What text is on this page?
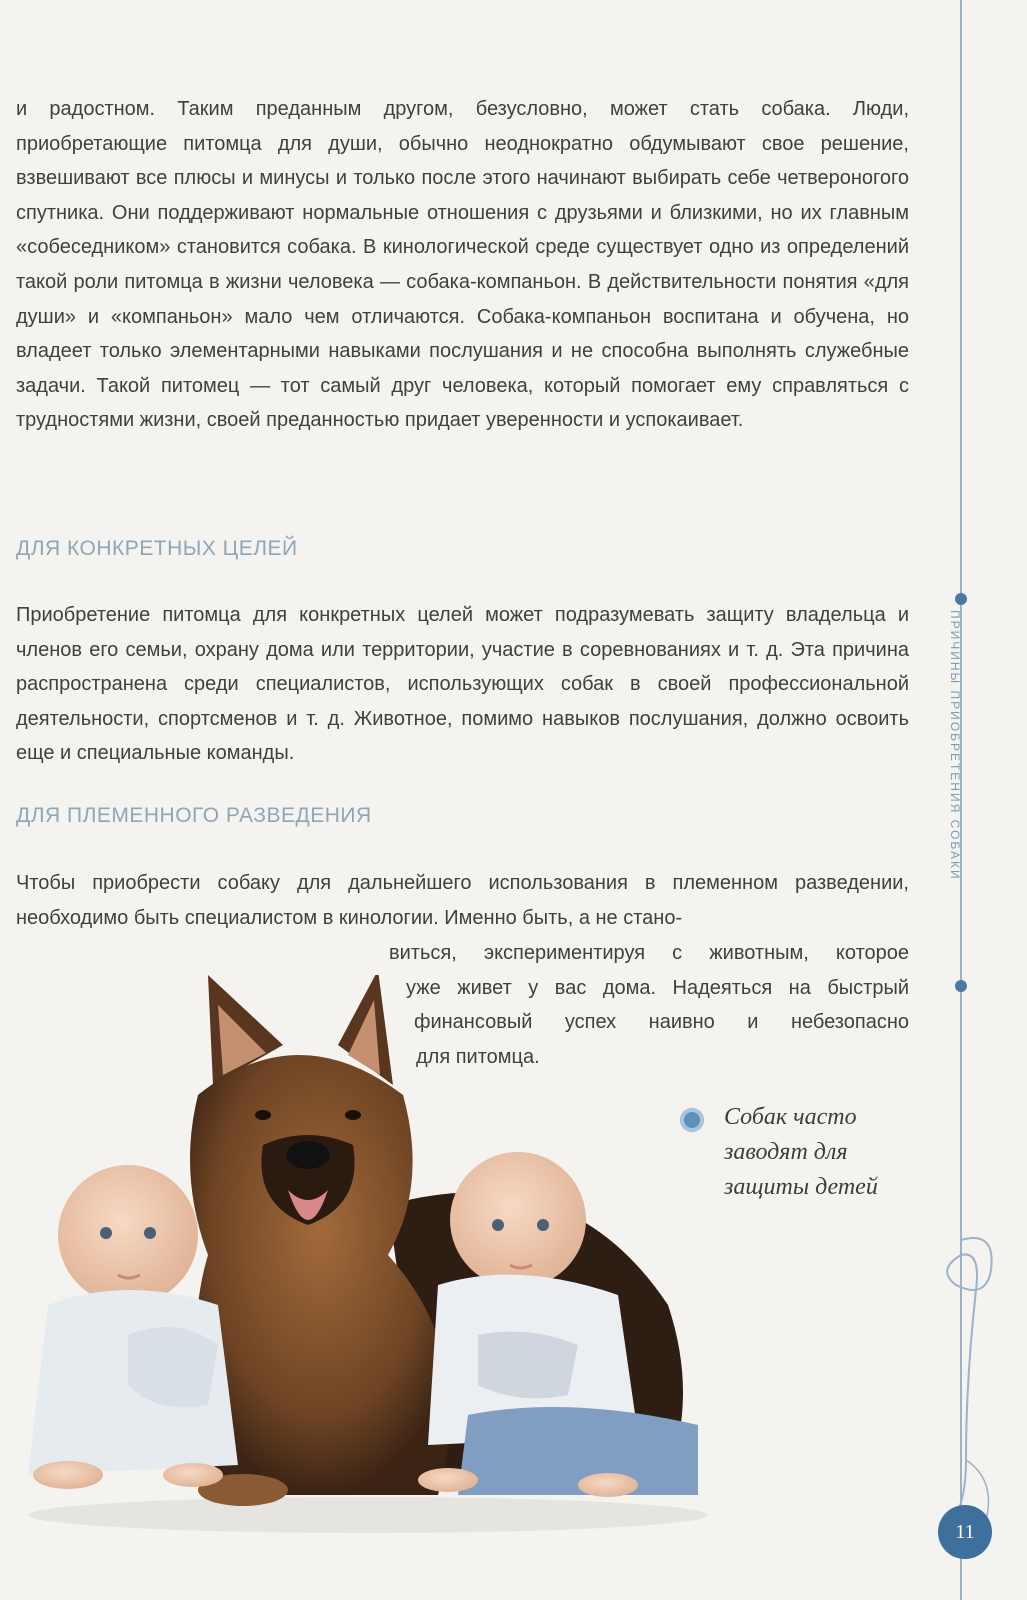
и радостном. Таким преданным другом, безусловно, может стать собака. Люди, приобретающие питомца для души, обычно неоднократно обдумывают свое решение, взвешивают все плюсы и минусы и только после этого начинают выбирать себе четвероногого спутника. Они поддерживают нормальные отношения с друзьями и близкими, но их главным «собеседником» становится собака. В кинологической среде существует одно из определений такой роли питомца в жизни человека — собака-компаньон. В действительности понятия «для души» и «компаньон» мало чем отличаются. Собака-компаньон воспитана и обучена, но владеет только элементарными навыками послушания и не способна выполнять служебные задачи. Такой питомец — тот самый друг человека, который помогает ему справляться с трудностями жизни, своей преданностью придает уверенности и успокаивает.

ДЛЯ КОНКРЕТНЫХ ЦЕЛЕЙ

Приобретение питомца для конкретных целей может подразумевать защиту владельца и членов его семьи, охрану дома или территории, участие в соревнованиях и т. д. Эта причина распространена среди специалистов, использующих собак в своей профессиональной деятельности, спортсменов и т. д. Животное, помимо навыков послушания, должно освоить еще и специальные команды.

ДЛЯ ПЛЕМЕННОГО РАЗВЕДЕНИЯ

Чтобы приобрести собаку для дальнейшего использования в племенном разведении, необходимо быть специалистом в кинологии. Именно быть, а не стано-

виться, экспериментируя с животным, которое

уже живет у вас дома. Надеяться на быстрый

финансовый успех наивно и небезопасно

для питомца.

Собак часто заводят для защиты детей
ПРИЧИНЫ ПРИОБРЕТЕНИЯ СОБАКИ
11
